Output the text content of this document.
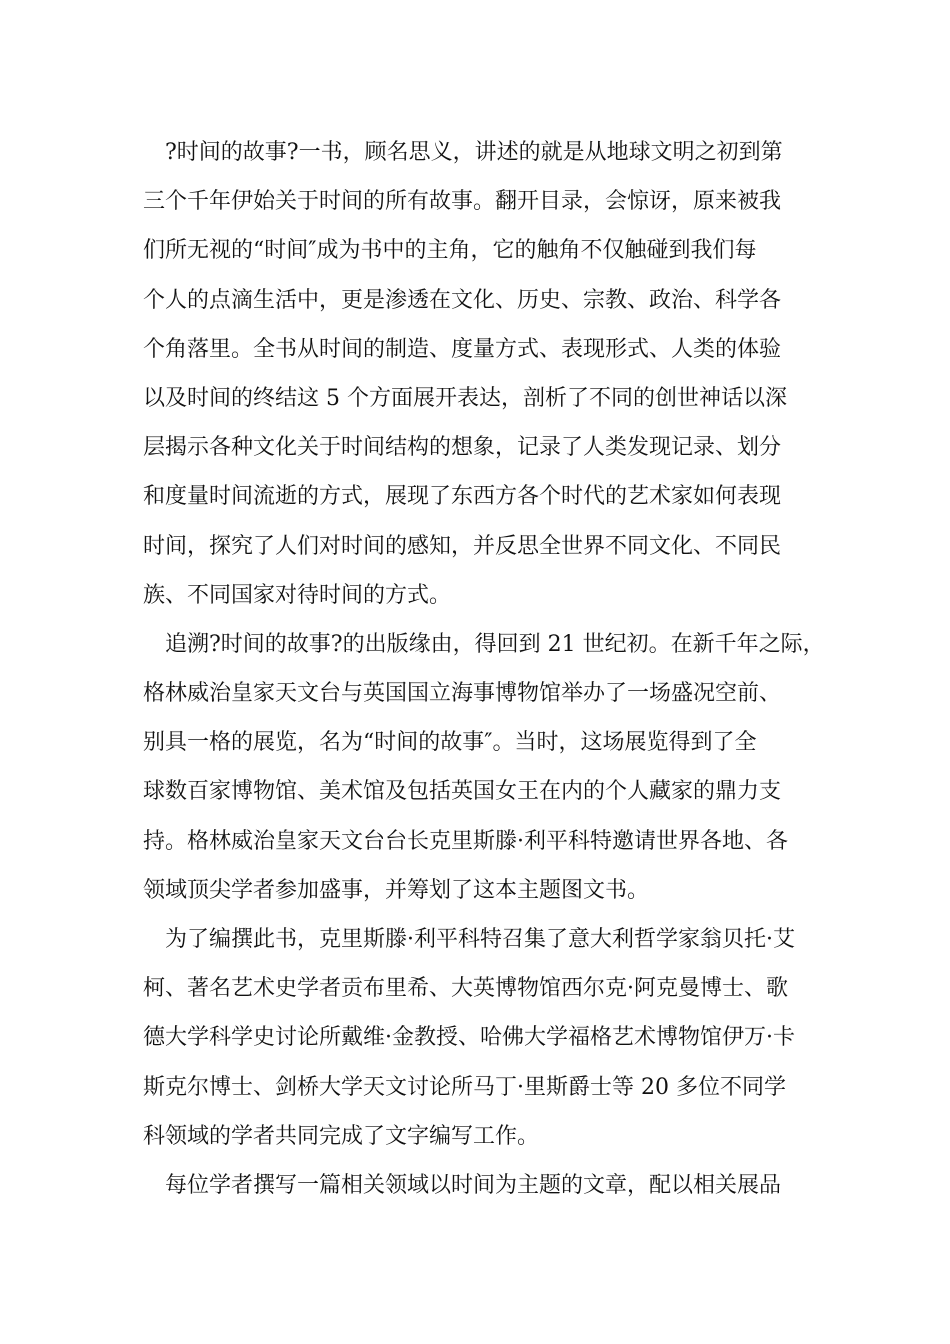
?时间的故事?一书，顾名思义，讲述的就是从地球文明之初到第
三个千年伊始关于时间的所有故事。翻开目录，会惊讶，原来被我
们所无视的“时间″成为书中的主角，它的触角不仅触碰到我们每
个人的点滴生活中，更是渗透在文化、历史、宗教、政治、科学各
个角落里。全书从时间的制造、度量方式、表现形式、人类的体验
以及时间的终结这 5 个方面展开表达，剖析了不同的创世神话以深
层揭示各种文化关于时间结构的想象，记录了人类发现记录、划分
和度量时间流逝的方式，展现了东西方各个时代的艺术家如何表现
时间，探究了人们对时间的感知，并反思全世界不同文化、不同民
族、不同国家对待时间的方式。
追溯?时间的故事?的出版缘由，得回到 21 世纪初。在新千年之际，
格林威治皇家天文台与英国国立海事博物馆举办了一场盛况空前、
别具一格的展览，名为“时间的故事″。当时，这场展览得到了全
球数百家博物馆、美术馆及包括英国女王在内的个人藏家的鼎力支
持。格林威治皇家天文台台长克里斯滕·利平科特邀请世界各地、各
领域顶尖学者参加盛事，并筹划了这本主题图文书。
为了编撰此书，克里斯滕·利平科特召集了意大利哲学家翁贝托·艾
柯、著名艺术史学者贡布里希、大英博物馆西尔克·阿克曼博士、歌
德大学科学史讨论所戴维·金教授、哈佛大学福格艺术博物馆伊万·卡
斯克尔博士、剑桥大学天文讨论所马丁·里斯爵士等 20 多位不同学
科领域的学者共同完成了文字编写工作。
每位学者撰写一篇相关领域以时间为主题的文章，配以相关展品
